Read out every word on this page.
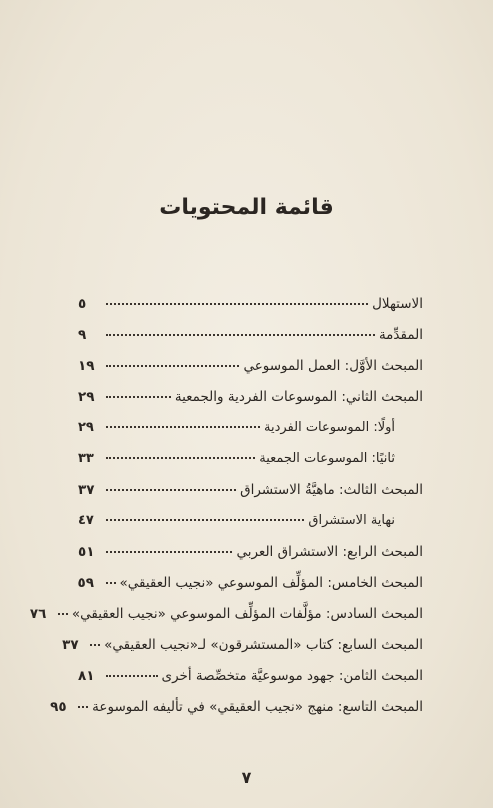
قائمة المحتويات
الاستهلال
٥
المقدِّمة
٩
المبحث الأوَّل: العمل الموسوعي
١٩
المبحث الثاني: الموسوعات الفردية والجمعية
٢٩
أولًا: الموسوعات الفردية
٢٩
ثانيًا: الموسوعات الجمعية
٣٣
المبحث الثالث: ماهيَّةُ الاستشراق
٣٧
نهاية الاستشراق
٤٧
المبحث الرابع: الاستشراق العربي
٥١
المبحث الخامس: المؤلِّف الموسوعي «نجيب العقيقي»
٥٩
المبحث السادس: مؤلَّفات المؤلِّف الموسوعي «نجيب العقيقي»
٧٦
المبحث السابع: كتاب «المستشرقون» لـ«نجيب العقيقي»
٣٧
المبحث الثامن: جهود موسوعيَّة متخصِّصة أخرى
٨١
المبحث التاسع: منهج «نجيب العقيقي» في تأليفه الموسوعة
٩٥
٧
